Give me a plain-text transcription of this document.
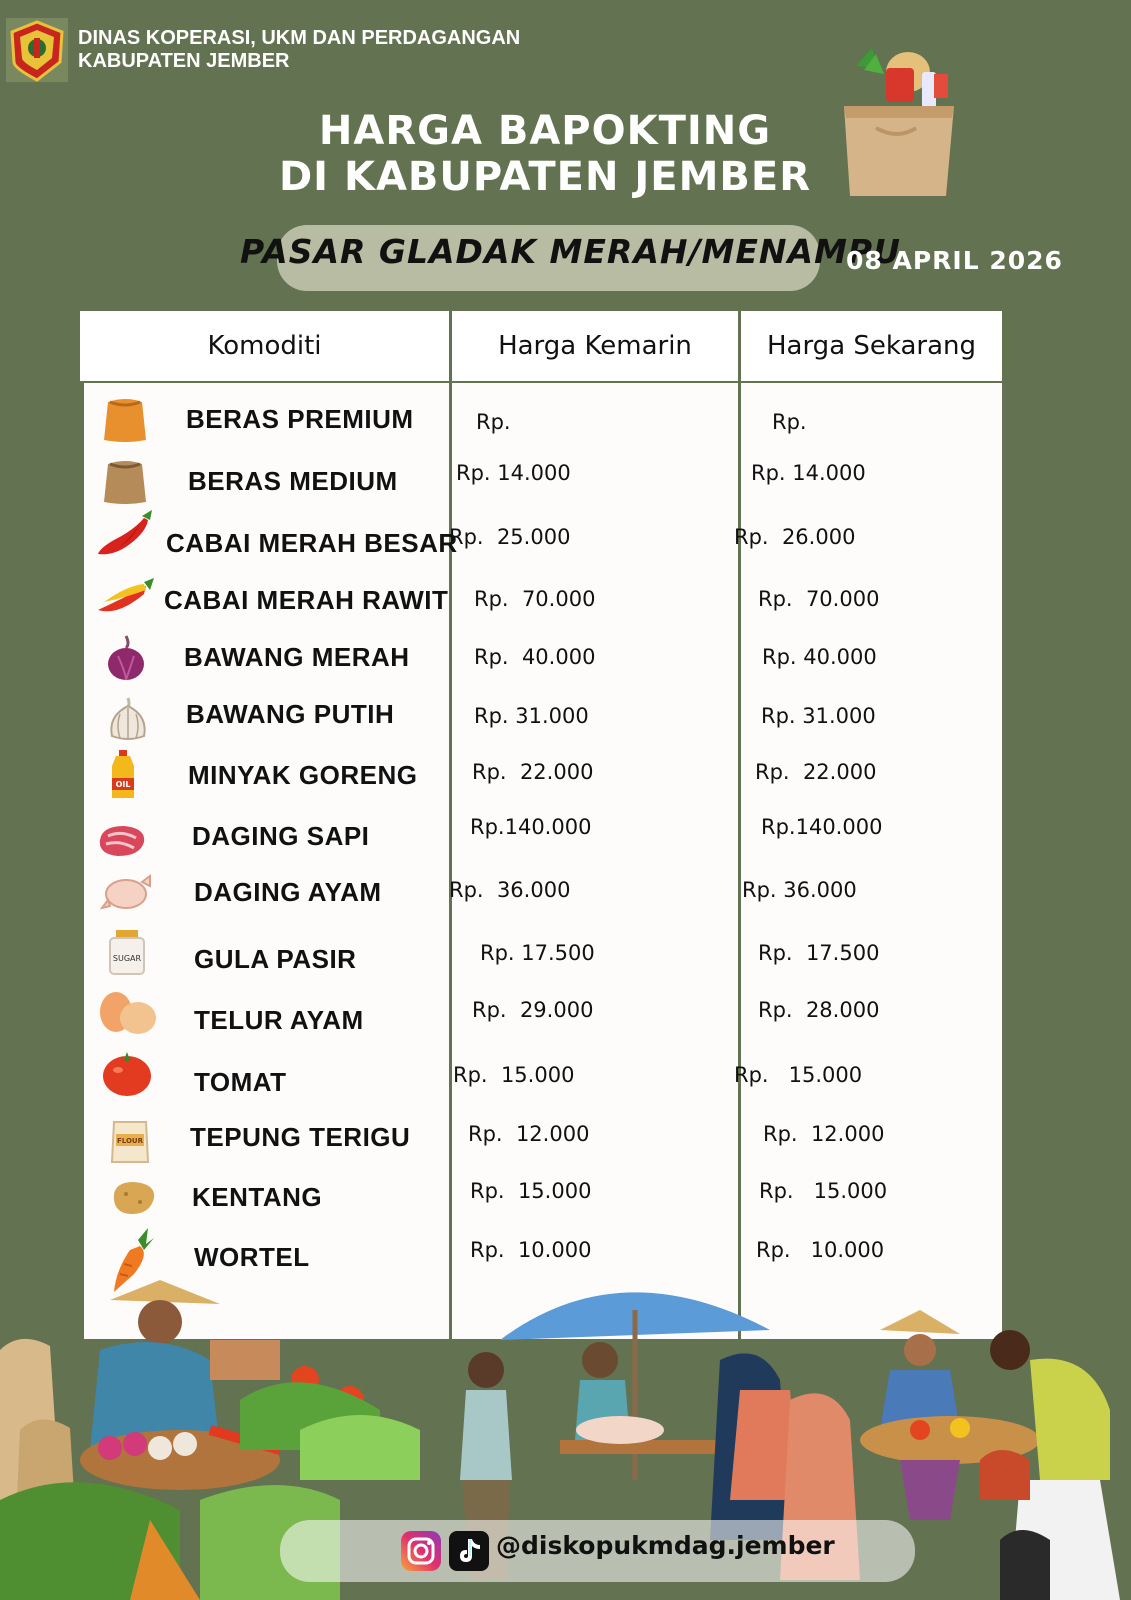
DINAS KOPERASI, UKM DAN PERDAGANGAN
KABUPATEN JEMBER
HARGA BAPOKTING
DI KABUPATEN JEMBER
PASAR GLADAK MERAH/MENAMPU
08 APRIL 2026
Komoditi	Harga Kemarin	Harga Sekarang
OIL
SUGAR
FLOUR
BERAS PREMIUM
BERAS MEDIUM
CABAI MERAH BESAR
CABAI MERAH RAWIT
BAWANG MERAH
BAWANG PUTIH
MINYAK GORENG
DAGING SAPI
DAGING AYAM
GULA PASIR
TELUR AYAM
TOMAT
TEPUNG TERIGU
KENTANG
WORTEL
Rp.
Rp. 14.000
Rp.  25.000
Rp.  70.000
Rp.  40.000
Rp. 31.000
Rp.  22.000
Rp.140.000
Rp.  36.000
Rp. 17.500
Rp.  29.000
Rp.  15.000
Rp.  12.000
Rp.  15.000
Rp.  10.000
Rp.
Rp. 14.000
Rp.  26.000
Rp.  70.000
Rp. 40.000
Rp. 31.000
Rp.  22.000
Rp.140.000
Rp. 36.000
Rp.  17.500
Rp.  28.000
Rp.   15.000
Rp.  12.000
Rp.   15.000
Rp.   10.000
@diskopukmdag.jember
